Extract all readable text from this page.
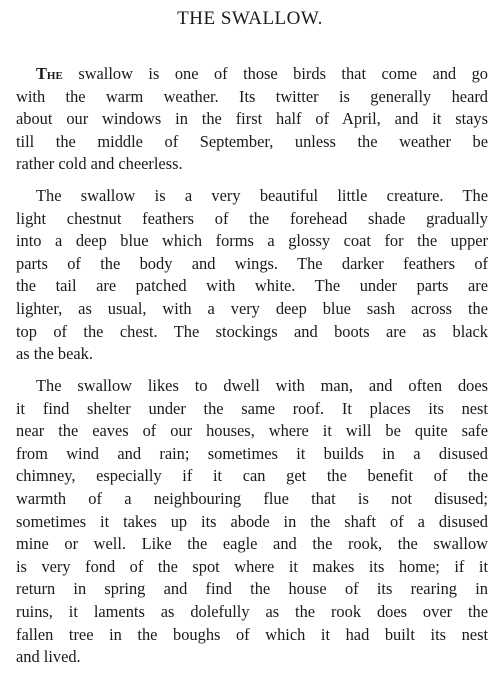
THE SWALLOW.
The swallow is one of those birds that come and go
with the warm weather. Its twitter is generally heard
about our windows in the first half of April, and it stays
till the middle of September, unless the weather be
rather cold and cheerless.
The swallow is a very beautiful little creature. The
light chestnut feathers of the forehead shade gradually
into a deep blue which forms a glossy coat for the upper
parts of the body and wings. The darker feathers of
the tail are patched with white. The under parts are
lighter, as usual, with a very deep blue sash across the
top of the chest. The stockings and boots are as black
as the beak.
The swallow likes to dwell with man, and often does
it find shelter under the same roof. It places its nest
near the eaves of our houses, where it will be quite safe
from wind and rain; sometimes it builds in a disused
chimney, especially if it can get the benefit of the
warmth of a neighbouring flue that is not disused;
sometimes it takes up its abode in the shaft of a disused
mine or well. Like the eagle and the rook, the swallow
is very fond of the spot where it makes its home; if it
return in spring and find the house of its rearing in
ruins, it laments as dolefully as the rook does over the
fallen tree in the boughs of which it had built its nest
and lived.
